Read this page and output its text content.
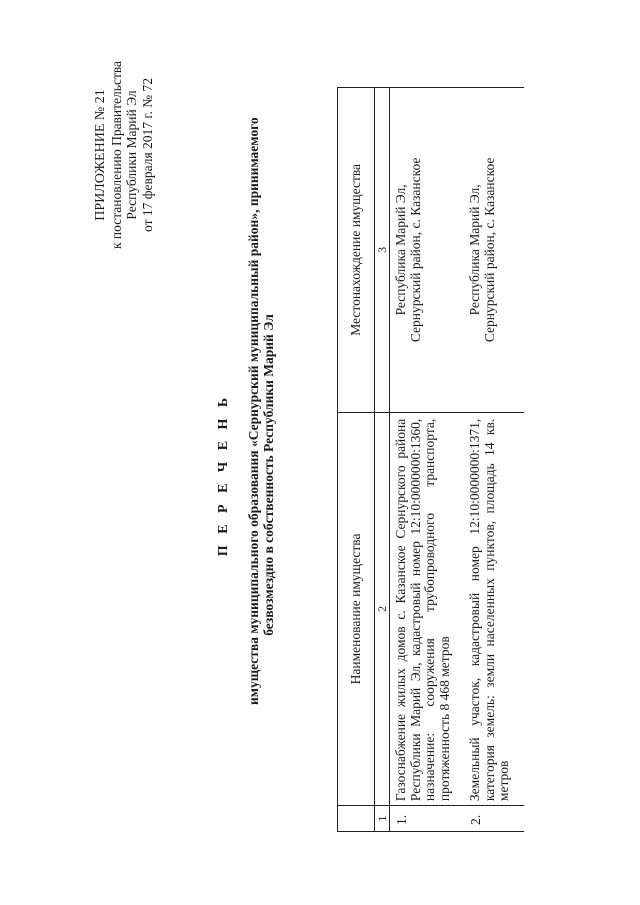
ПРИЛОЖЕНИЕ № 21 к постановлению Правительства Республики Марий Эл от 17 февраля 2017 г. № 72
П Е Р Е Ч Е Н Ь имущества муниципального образования «Сернурский муниципальный район», принимаемого безвозмездно в собственность Республики Марий Эл
		Наименование имущества	Местонахождение имущества
1	2	3
1.	Газоснабжение жилых домов с. Казанское Сернурского района Республики Марий Эл, кадастровый номер 12:10:0000000:1360, назначение: сооружения трубопроводного транспорта, протяженность 8 468 метров	Республика Марий Эл, Сернурский район, с. Казанское

2.	Земельный участок, кадастровый номер 12:10:0000000:1371, категория земель: земли населенных пунктов, площадь 14 кв. метров	Республика Марий Эл, Сернурский район, с. Казанское
